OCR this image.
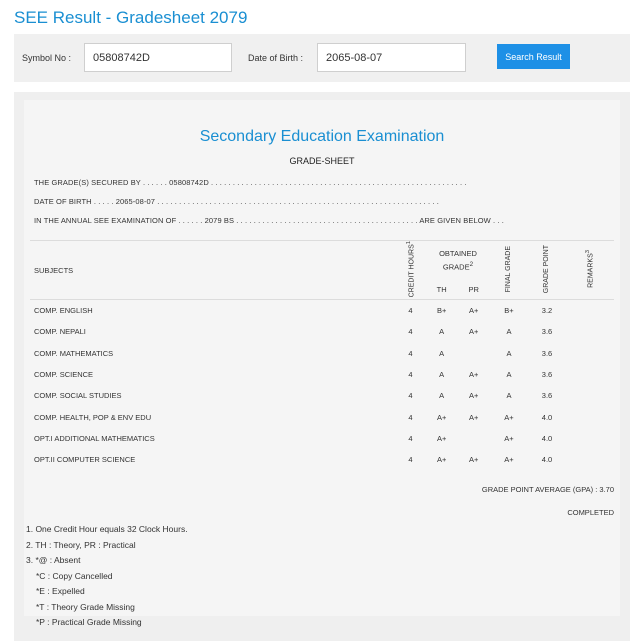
SEE Result - Gradesheet 2079
Symbol No :
05808742D	Date of Birth :
2065-08-07	Search Result
Secondary Education Examination
GRADE-SHEET
THE GRADE(S) SECURED BY . . . . . . 05808742D . . . . . . . . . . . . . . . . . . . . . . . . . . . . . . . . . . . . . . . . . . . . . . . . . . . . . . . . . . .
DATE OF BIRTH . . . . . 2065-08-07 . . . . . . . . . . . . . . . . . . . . . . . . . . . . . . . . . . . . . . . . . . . . . . . . . . . . . . . . . . . . . . . . .
IN THE ANNUAL SEE EXAMINATION OF . . . . . . 2079 BS . . . . . . . . . . . . . . . . . . . . . . . . . . . . . . . . . . . . . . . . . . ARE GIVEN BELOW . . .
SUBJECTS	CREDIT HOURS$^1$	OBTAINED GRADE$^2$		FINAL GRADE	GRADE POINT	REMARKS$^3$
		TH	PR			
COMP. ENGLISH	4	B+	A+	B+	3.2	
COMP. NEPALI	4	A	A+	A	3.6	
COMP. MATHEMATICS	4	A		A	3.6	
COMP. SCIENCE	4	A	A+	A	3.6	
COMP. SOCIAL STUDIES	4	A	A+	A	3.6	
COMP. HEALTH, POP & ENV EDU	4	A+	A+	A+	4.0	
OPT.I ADDITIONAL MATHEMATICS	4	A+		A+	4.0	
OPT.II COMPUTER SCIENCE	4	A+	A+	A+	4.0	
GRADE POINT AVERAGE (GPA) : 3.70
COMPLETED
1. One Credit Hour equals 32 Clock Hours.
2. TH : Theory, PR : Practical
3. *@ : Absent
*C : Copy Cancelled
*E : Expelled
*T : Theory Grade Missing
*P : Practical Grade Missing
